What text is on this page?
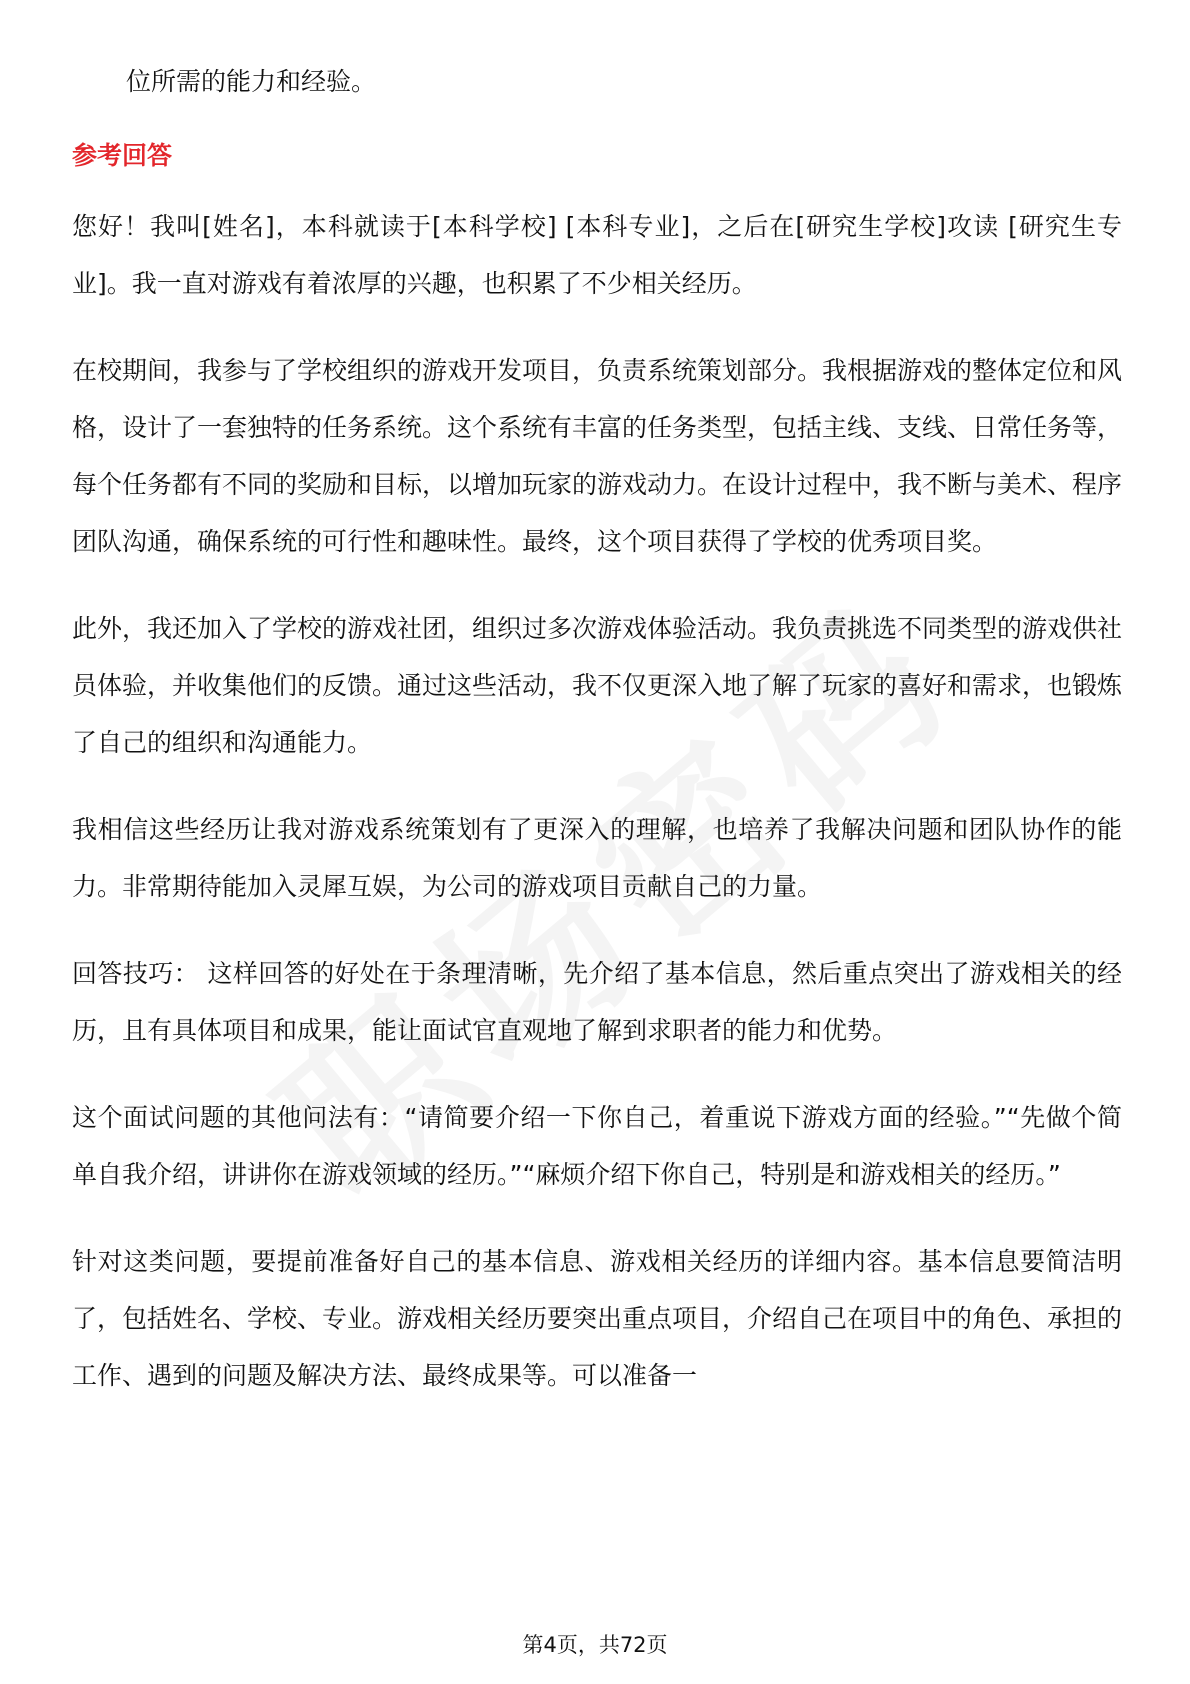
位所需的能力和经验。

参考回答

您好！我叫[姓名]，本科就读于[本科学校] [本科专业]，之后在[研究生学校]攻读 [研究生专业]。我一直对游戏有着浓厚的兴趣，也积累了不少相关经历。

在校期间，我参与了学校组织的游戏开发项目，负责系统策划部分。我根据游戏的整体定位和风格，设计了一套独特的任务系统。这个系统有丰富的任务类型，包括主线、支线、日常任务等，每个任务都有不同的奖励和目标，以增加玩家的游戏动力。在设计过程中，我不断与美术、程序团队沟通，确保系统的可行性和趣味性。最终，这个项目获得了学校的优秀项目奖。

此外，我还加入了学校的游戏社团，组织过多次游戏体验活动。我负责挑选不同类型的游戏供社员体验，并收集他们的反馈。通过这些活动，我不仅更深入地了解了玩家的喜好和需求，也锻炼了自己的组织和沟通能力。

我相信这些经历让我对游戏系统策划有了更深入的理解，也培养了我解决问题和团队协作的能力。非常期待能加入灵犀互娱，为公司的游戏项目贡献自己的力量。

回答技巧： 这样回答的好处在于条理清晰，先介绍了基本信息，然后重点突出了游戏相关的经历，且有具体项目和成果，能让面试官直观地了解到求职者的能力和优势。

这个面试问题的其他问法有：“请简要介绍一下你自己，着重说下游戏方面的经验。”“先做个简单自我介绍，讲讲你在游戏领域的经历。”“麻烦介绍下你自己，特别是和游戏相关的经历。”

针对这类问题，要提前准备好自己的基本信息、游戏相关经历的详细内容。基本信息要简洁明了，包括姓名、学校、专业。游戏相关经历要突出重点项目，介绍自己在项目中的角色、承担的工作、遇到的问题及解决方法、最终成果等。可以准备一

第4页，共72页
